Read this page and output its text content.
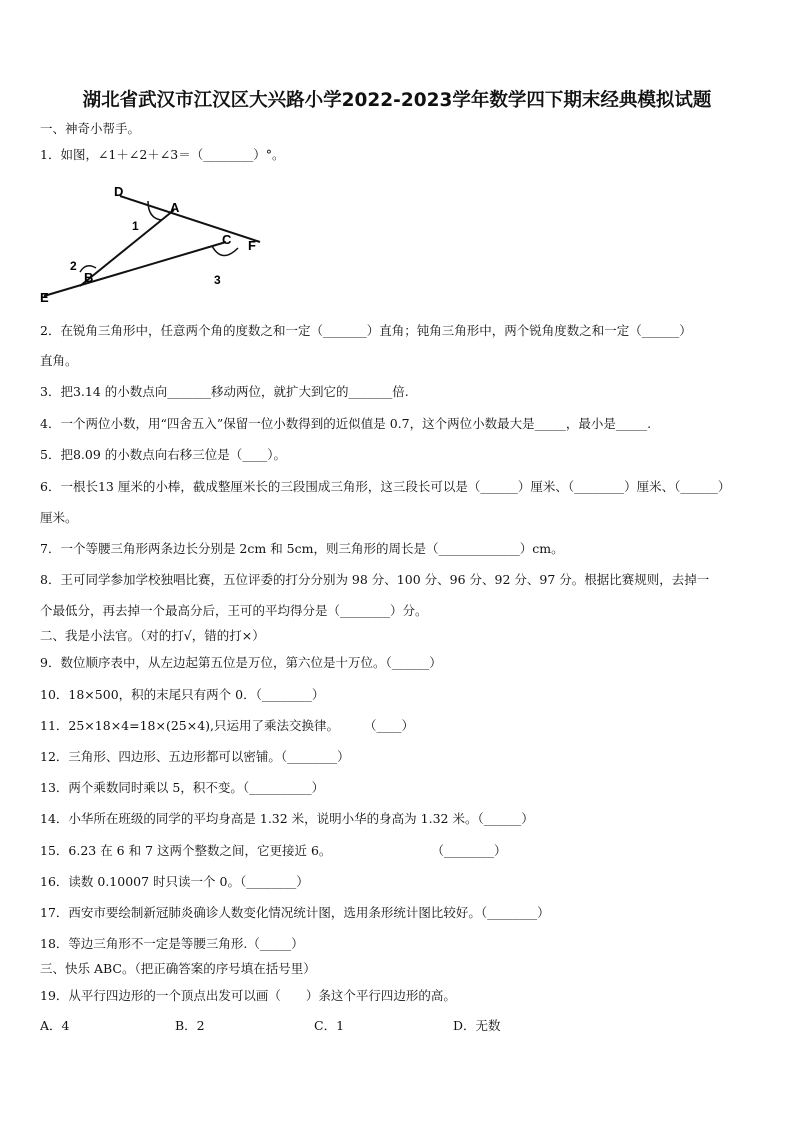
湖北省武汉市江汉区大兴路小学2022-2023学年数学四下期末经典模拟试题
一、神奇小帮手。
1．如图，∠1＋∠2＋∠3＝（________）°。
D
A
C
B
E
F
1
2
3
2．在锐角三角形中，任意两个角的度数之和一定（_______）直角；钝角三角形中，两个锐角度数之和一定（______）
直角。
3．把3.14 的小数点向_______移动两位，就扩大到它的_______倍.
4．一个两位小数，用“四舍五入”保留一位小数得到的近似值是 0.7，这个两位小数最大是_____，最小是_____.
5．把8.09 的小数点向右移三位是（____）。
6．一根长13 厘米的小棒，截成整厘米长的三段围成三角形，这三段长可以是（______）厘米、（________）厘米、（______）
厘米。
7．一个等腰三角形两条边长分别是 2cm 和 5cm，则三角形的周长是（_____________）cm。
8．王可同学参加学校独唱比赛，五位评委的打分分别为 98 分、100 分、96 分、92 分、97 分。根据比赛规则，去掉一
个最低分，再去掉一个最高分后，王可的平均得分是（________）分。
二、我是小法官。（对的打√，错的打×）
9．数位顺序表中，从左边起第五位是万位，第六位是十万位。（______）
10．18×500，积的末尾只有两个 0．（________）
11．25×18×4=18×(25×4),只运用了乘法交换律。　　　（____）
12．三角形、四边形、五边形都可以密铺。（________）
13．两个乘数同时乘以 5，积不变。（__________）
14．小华所在班级的同学的平均身高是 1.32 米，说明小华的身高为 1.32 米。（______）
15．6.23 在 6 和 7 这两个整数之间，它更接近 6。　　　　　　　　　（________）
16．读数 0.10007 时只读一个 0。（________）
17．西安市要绘制新冠肺炎确诊人数变化情况统计图，选用条形统计图比较好。（________）
18．等边三角形不一定是等腰三角形.（_____）
三、快乐 ABC。（把正确答案的序号填在括号里）
19．从平行四边形的一个顶点出发可以画（　　）条这个平行四边形的高。
A．4	B．2	C．1	D．无数
